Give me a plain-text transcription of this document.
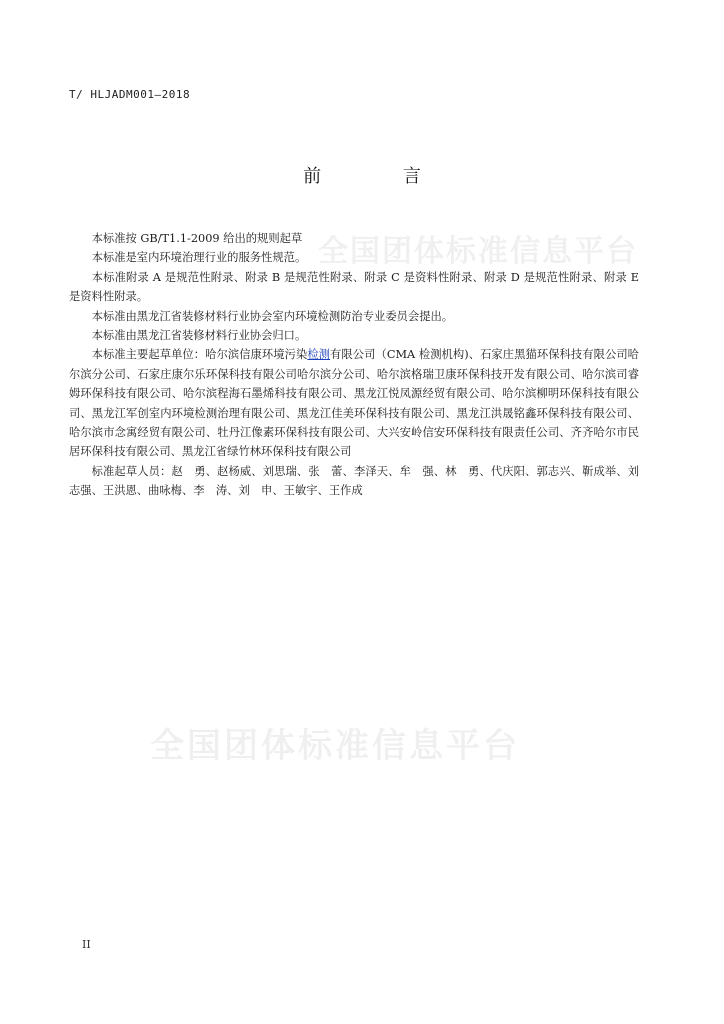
全国团体标准信息平台
全国团体标准信息平台
T/ HLJADM001—2018
前 言

本标准按 GB/T1.1-2009 给出的规则起草

本标准是室内环境治理行业的服务性规范。

本标准附录 A 是规范性附录、附录 B 是规范性附录、附录 C 是资料性附录、附录 D 是规范性附录、附录 E 是资料性附录。

本标准由黑龙江省装修材料行业协会室内环境检测防治专业委员会提出。

本标准由黑龙江省装修材料行业协会归口。

本标准主要起草单位：哈尔滨信康环境污染检测有限公司（CMA 检测机构)、石家庄黑猫环保科技有限公司哈尔滨分公司、石家庄康尔乐环保科技有限公司哈尔滨分公司、哈尔滨格瑞卫康环保科技开发有限公司、哈尔滨司睿姆环保科技有限公司、哈尔滨程海石墨烯科技有限公司、黑龙江悦凤源经贸有限公司、哈尔滨柳明环保科技有限公司、黑龙江军创室内环境检测治理有限公司、黑龙江佳美环保科技有限公司、黑龙江洪晟铭鑫环保科技有限公司、哈尔滨市念寓经贸有限公司、牡丹江像素环保科技有限公司、大兴安岭信安环保科技有限责任公司、齐齐哈尔市民居环保科技有限公司、黑龙江省绿竹林环保科技有限公司

标准起草人员：赵　勇、赵杨威、刘思瑞、张　蕾、李泽天、牟　强、林　勇、代庆阳、郭志兴、靳成举、刘志强、王洪恩、曲咏梅、李　涛、刘　申、王敏宇、王作成

II
